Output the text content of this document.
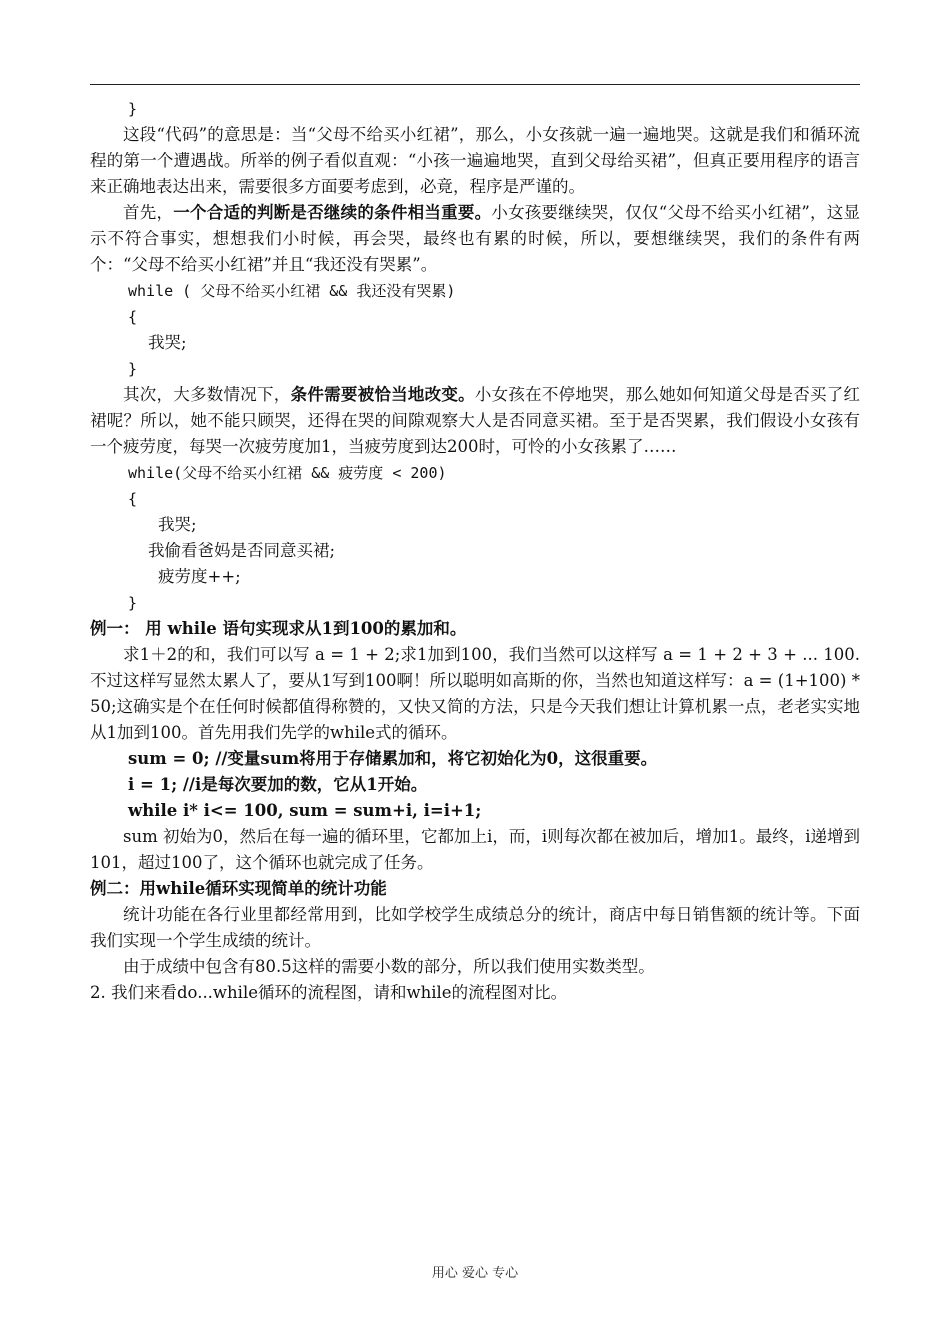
}
这段“代码”的意思是：当“父母不给买小红裙”，那么，小女孩就一遍一遍地哭。这就是我们和循环流程的第一个遭遇战。所举的例子看似直观：“小孩一遍遍地哭，直到父母给买裙”，但真正要用程序的语言来正确地表达出来，需要很多方面要考虑到，必竟，程序是严谨的。
首先，一个合适的判断是否继续的条件相当重要。小女孩要继续哭，仅仅“父母不给买小红裙”，这显示不符合事实，想想我们小时候，再会哭，最终也有累的时候，所以，要想继续哭，我们的条件有两个：“父母不给买小红裙”并且“我还没有哭累”。
while ( 父母不给买小红裙 && 我还没有哭累)
{
我哭;
}
其次，大多数情况下，条件需要被恰当地改变。小女孩在不停地哭，那么她如何知道父母是否买了红裙呢？所以，她不能只顾哭，还得在哭的间隙观察大人是否同意买裙。至于是否哭累，我们假设小女孩有一个疲劳度，每哭一次疲劳度加1，当疲劳度到达200时，可怜的小女孩累了……
while(父母不给买小红裙 && 疲劳度 < 200)
{
我哭;
我偷看爸妈是否同意买裙;
疲劳度++;
}
例一： 用 while 语句实现求从1到100的累加和。
求1＋2的和，我们可以写 a = 1 + 2;求1加到100，我们当然可以这样写 a = 1 + 2 + 3 + ... 100.不过这样写显然太累人了，要从1写到100啊！所以聪明如高斯的你，当然也知道这样写：a = (1+100) * 50;这确实是个在任何时候都值得称赞的，又快又简的方法，只是今天我们想让计算机累一点，老老实实地从1加到100。首先用我们先学的while式的循环。
sum = 0; //变量sum将用于存储累加和，将它初始化为0，这很重要。
i = 1; //i是每次要加的数，它从1开始。
while i* i<= 100, sum = sum+i, i=i+1;
sum 初始为0，然后在每一遍的循环里，它都加上i，而，i则每次都在被加后，增加1。最终，i递增到101，超过100了，这个循环也就完成了任务。
例二：用while循环实现简单的统计功能
统计功能在各行业里都经常用到，比如学校学生成绩总分的统计，商店中每日销售额的统计等。下面我们实现一个学生成绩的统计。
由于成绩中包含有80.5这样的需要小数的部分，所以我们使用实数类型。
2. 我们来看do...while循环的流程图，请和while的流程图对比。
用心 爱心 专心
